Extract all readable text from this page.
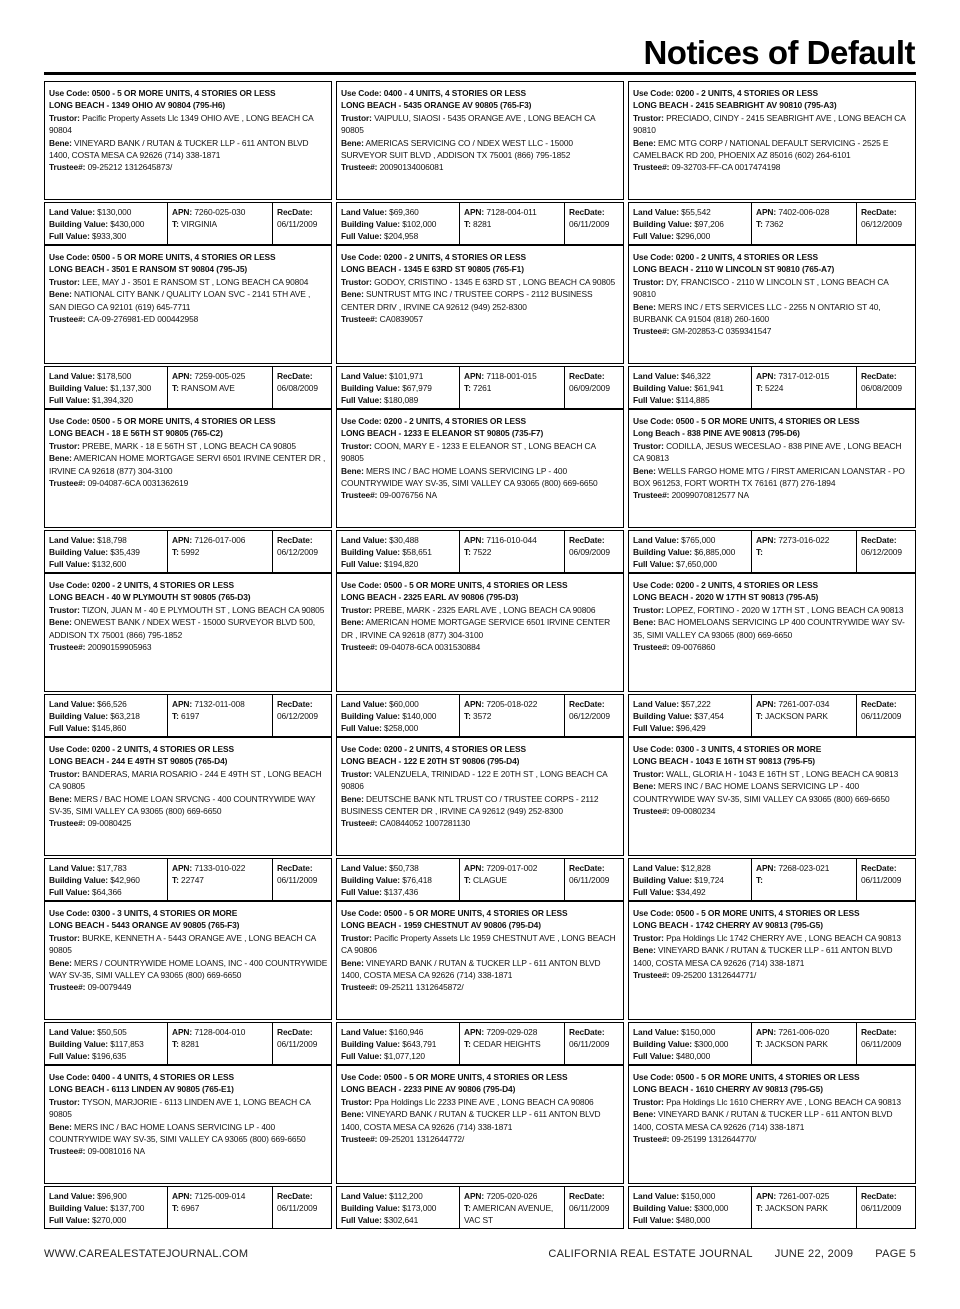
Notices of Default
Use Code: 0500 - 5 OR MORE UNITS, 4 STORIES OR LESS
LONG BEACH - 1349 OHIO AV 90804 (795-H6)
Trustor: Pacific Property Assets Llc 1349 OHIO AVE , LONG BEACH CA 90804
Bene: VINEYARD BANK / RUTAN & TUCKER LLP - 611 ANTON BLVD 1400, COSTA MESA CA 92626 (714) 338-1871
Trustee#: 09-25212 1312645873/
Land Value: $130,000
Building Value: $430,000
Full Value: $933,300
APN: 7260-025-030
T: VIRGINIA
RecDate:
06/11/2009
Use Code: 0400 - 4 UNITS, 4 STORIES OR LESS
LONG BEACH - 5435 ORANGE AV 90805 (765-F3)
Trustor: VAIPULU, SIAOSI - 5435 ORANGE AVE , LONG BEACH CA 90805
Bene: AMERICAS SERVICING CO / NDEX WEST LLC - 15000 SURVEYOR SUIT BLVD , ADDISON TX 75001 (866) 795-1852
Trustee#: 20090134006081
Land Value: $69,360
Building Value: $102,000
Full Value: $204,958
APN: 7128-004-011
T: 8281
RecDate:
06/11/2009
Use Code: 0200 - 2 UNITS, 4 STORIES OR LESS
LONG BEACH - 2415 SEABRIGHT AV 90810 (795-A3)
Trustor: PRECIADO, CINDY - 2415 SEABRIGHT AVE , LONG BEACH CA 90810
Bene: EMC MTG CORP / NATIONAL DEFAULT SERVICING - 2525 E CAMELBACK RD 200, PHOENIX AZ 85016 (602) 264-6101
Trustee#: 09-32703-FF-CA 0017474198
Land Value: $55,542
Building Value: $97,206
Full Value: $296,000
APN: 7402-006-028
T: 7362
RecDate:
06/12/2009
Use Code: 0500 - 5 OR MORE UNITS, 4 STORIES OR LESS
LONG BEACH - 3501 E RANSOM ST 90804 (795-J5)
Trustor: LEE, MAY J - 3501 E RANSOM ST , LONG BEACH CA 90804
Bene: NATIONAL CITY BANK / QUALITY LOAN SVC - 2141 5TH AVE , SAN DIEGO CA 92101 (619) 645-7711
Trustee#: CA-09-276981-ED 000442958
Land Value: $178,500
Building Value: $1,137,300
Full Value: $1,394,320
APN: 7259-005-025
T: RANSOM AVE
RecDate:
06/08/2009
Use Code: 0200 - 2 UNITS, 4 STORIES OR LESS
LONG BEACH - 1345 E 63RD ST 90805 (765-F1)
Trustor: GODOY, CRISTINO - 1345 E 63RD ST , LONG BEACH CA 90805
Bene: SUNTRUST MTG INC / TRUSTEE CORPS - 2112 BUSINESS CENTER DRIV , IRVINE CA 92612 (949) 252-8300
Trustee#: CA0839057
Land Value: $101,971
Building Value: $67,979
Full Value: $180,089
APN: 7118-001-015
T: 7261
RecDate:
06/09/2009
Use Code: 0200 - 2 UNITS, 4 STORIES OR LESS
LONG BEACH - 2110 W LINCOLN ST 90810 (765-A7)
Trustor: DY, FRANCISCO - 2110 W LINCOLN ST , LONG BEACH CA 90810
Bene: MERS INC / ETS SERVICES LLC - 2255 N ONTARIO ST 40, BURBANK CA 91504 (818) 260-1600
Trustee#: GM-202853-C 0359341547
Land Value: $46,322
Building Value: $61,941
Full Value: $114,885
APN: 7317-012-015
T: 5224
RecDate:
06/08/2009
Use Code: 0500 - 5 OR MORE UNITS, 4 STORIES OR LESS
LONG BEACH - 18 E 56TH ST 90805 (765-C2)
Trustor: PREBE, MARK - 18 E 56TH ST , LONG BEACH CA 90805
Bene: AMERICAN HOME MORTGAGE SERVI 6501 IRVINE CENTER DR , IRVINE CA 92618 (877) 304-3100
Trustee#: 09-04087-6CA 0031362619
Land Value: $18,798
Building Value: $35,439
Full Value: $132,600
APN: 7126-017-006
T: 5992
RecDate:
06/12/2009
Use Code: 0200 - 2 UNITS, 4 STORIES OR LESS
LONG BEACH - 1233 E ELEANOR ST 90805 (735-F7)
Trustor: COON, MARY E - 1233 E ELEANOR ST , LONG BEACH CA 90805
Bene: MERS INC / BAC HOME LOANS SERVICING LP - 400 COUNTRYWIDE WAY SV-35, SIMI VALLEY CA 93065 (800) 669-6650
Trustee#: 09-0076756 NA
Land Value: $30,488
Building Value: $58,651
Full Value: $194,820
APN: 7116-010-044
T: 7522
RecDate:
06/09/2009
Use Code: 0500 - 5 OR MORE UNITS, 4 STORIES OR LESS
Long Beach - 838 PINE AVE 90813 (795-D6)
Trustor: CODILLA, JESUS WECESLAO - 838 PINE AVE , LONG BEACH CA 90813
Bene: WELLS FARGO HOME MTG / FIRST AMERICAN LOANSTAR - PO BOX 961253, FORT WORTH TX 76161 (877) 276-1894
Trustee#: 20099070812577 NA
Land Value: $765,000
Building Value: $6,885,000
Full Value: $7,650,000
APN: 7273-016-022
T:
RecDate:
06/12/2009
Use Code: 0200 - 2 UNITS, 4 STORIES OR LESS
LONG BEACH - 40 W PLYMOUTH ST 90805 (765-D3)
Trustor: TIZON, JUAN M - 40 E PLYMOUTH ST , LONG BEACH CA 90805
Bene: ONEWEST BANK / NDEX WEST - 15000 SURVEYOR BLVD 500, ADDISON TX 75001 (866) 795-1852
Trustee#: 20090159905963
Land Value: $66,526
Building Value: $63,218
Full Value: $145,860
APN: 7132-011-008
T: 6197
RecDate:
06/12/2009
Use Code: 0500 - 5 OR MORE UNITS, 4 STORIES OR LESS
LONG BEACH - 2325 EARL AV 90806 (795-D3)
Trustor: PREBE, MARK - 2325 EARL AVE , LONG BEACH CA 90806
Bene: AMERICAN HOME MORTGAGE SERVICE 6501 IRVINE CENTER DR , IRVINE CA 92618 (877) 304-3100
Trustee#: 09-04078-6CA 0031530884
Land Value: $60,000
Building Value: $140,000
Full Value: $258,000
APN: 7205-018-022
T: 3572
RecDate:
06/12/2009
Use Code: 0200 - 2 UNITS, 4 STORIES OR LESS
LONG BEACH - 2020 W 17TH ST 90813 (795-A5)
Trustor: LOPEZ, FORTINO - 2020 W 17TH ST , LONG BEACH CA 90813
Bene: BAC HOMELOANS SERVICING LP 400 COUNTRYWIDE WAY SV-35, SIMI VALLEY CA 93065 (800) 669-6650
Trustee#: 09-0076860
Land Value: $57,222
Building Value: $37,454
Full Value: $96,429
APN: 7261-007-034
T: JACKSON PARK
RecDate:
06/11/2009
Use Code: 0200 - 2 UNITS, 4 STORIES OR LESS
LONG BEACH - 244 E 49TH ST 90805 (765-D4)
Trustor: BANDERAS, MARIA ROSARIO - 244 E 49TH ST , LONG BEACH CA 90805
Bene: MERS / BAC HOME LOAN SRVCNG - 400 COUNTRYWIDE WAY SV-35, SIMI VALLEY CA 93065 (800) 669-6650
Trustee#: 09-0080425
Land Value: $17,783
Building Value: $42,960
Full Value: $64,366
APN: 7133-010-022
T: 22747
RecDate:
06/11/2009
Use Code: 0200 - 2 UNITS, 4 STORIES OR LESS
LONG BEACH - 122 E 20TH ST 90806 (795-D4)
Trustor: VALENZUELA, TRINIDAD - 122 E 20TH ST , LONG BEACH CA 90806
Bene: DEUTSCHE BANK NTL TRUST CO / TRUSTEE CORPS - 2112 BUSINESS CENTER DR , IRVINE CA 92612 (949) 252-8300
Trustee#: CA0844052 1007281130
Land Value: $50,738
Building Value: $76,418
Full Value: $137,436
APN: 7209-017-002
T: CLAGUE
RecDate:
06/11/2009
Use Code: 0300 - 3 UNITS, 4 STORIES OR MORE
LONG BEACH - 1043 E 16TH ST 90813 (795-F5)
Trustor: WALL, GLORIA H - 1043 E 16TH ST , LONG BEACH CA 90813
Bene: MERS INC / BAC HOME LOANS SERVICING LP - 400 COUNTRYWIDE WAY SV-35, SIMI VALLEY CA 93065 (800) 669-6650
Trustee#: 09-0080234
Land Value: $12,828
Building Value: $19,724
Full Value: $34,492
APN: 7268-023-021
T:
RecDate:
06/11/2009
Use Code: 0300 - 3 UNITS, 4 STORIES OR MORE
LONG BEACH - 5443 ORANGE AV 90805 (765-F3)
Trustor: BURKE, KENNETH A - 5443 ORANGE AVE , LONG BEACH CA 90805
Bene: MERS / COUNTRYWIDE HOME LOANS, INC - 400 COUNTRYWIDE WAY SV-35, SIMI VALLEY CA 93065 (800) 669-6650
Trustee#: 09-0079449
Land Value: $50,505
Building Value: $117,853
Full Value: $196,635
APN: 7128-004-010
T: 8281
RecDate:
06/11/2009
Use Code: 0500 - 5 OR MORE UNITS, 4 STORIES OR LESS
LONG BEACH - 1959 CHESTNUT AV 90806 (795-D4)
Trustor: Pacific Property Assets Llc 1959 CHESTNUT AVE , LONG BEACH CA 90806
Bene: VINEYARD BANK / RUTAN & TUCKER LLP - 611 ANTON BLVD 1400, COSTA MESA CA 92626 (714) 338-1871
Trustee#: 09-25211 1312645872/
Land Value: $160,946
Building Value: $643,791
Full Value: $1,077,120
APN: 7209-029-028
T: CEDAR HEIGHTS
RecDate:
06/11/2009
Use Code: 0500 - 5 OR MORE UNITS, 4 STORIES OR LESS
LONG BEACH - 1742 CHERRY AV 90813 (795-G5)
Trustor: Ppa Holdings Llc 1742 CHERRY AVE , LONG BEACH CA 90813
Bene: VINEYARD BANK / RUTAN & TUCKER LLP - 611 ANTON BLVD 1400, COSTA MESA CA 92626 (714) 338-1871
Trustee#: 09-25200 1312644771/
Land Value: $150,000
Building Value: $300,000
Full Value: $480,000
APN: 7261-006-020
T: JACKSON PARK
RecDate:
06/11/2009
Use Code: 0400 - 4 UNITS, 4 STORIES OR LESS
LONG BEACH - 6113 LINDEN AV 90805 (765-E1)
Trustor: TYSON, MARJORIE - 6113 LINDEN AVE 1, LONG BEACH CA 90805
Bene: MERS INC / BAC HOME LOANS SERVICING LP - 400 COUNTRYWIDE WAY SV-35, SIMI VALLEY CA 93065 (800) 669-6650
Trustee#: 09-0081016 NA
Land Value: $96,900
Building Value: $137,700
Full Value: $270,000
APN: 7125-009-014
T: 6967
RecDate:
06/11/2009
Use Code: 0500 - 5 OR MORE UNITS, 4 STORIES OR LESS
LONG BEACH - 2233 PINE AV 90806 (795-D4)
Trustor: Ppa Holdings Llc 2233 PINE AVE , LONG BEACH CA 90806
Bene: VINEYARD BANK / RUTAN & TUCKER LLP - 611 ANTON BLVD 1400, COSTA MESA CA 92626 (714) 338-1871
Trustee#: 09-25201 1312644772/
Land Value: $112,200
Building Value: $173,000
Full Value: $302,641
APN: 7205-020-026
T: AMERICAN AVENUE, VAC ST
RecDate:
06/11/2009
Use Code: 0500 - 5 OR MORE UNITS, 4 STORIES OR LESS
LONG BEACH - 1610 CHERRY AV 90813 (795-G5)
Trustor: Ppa Holdings Llc 1610 CHERRY AVE , LONG BEACH CA 90813
Bene: VINEYARD BANK / RUTAN & TUCKER LLP - 611 ANTON BLVD 1400, COSTA MESA CA 92626 (714) 338-1871
Trustee#: 09-25199 1312644770/
Land Value: $150,000
Building Value: $300,000
Full Value: $480,000
APN: 7261-007-025
T: JACKSON PARK
RecDate:
06/11/2009
WWW.CAREALESTATEJOURNAL.COM	CALIFORNIA REAL ESTATE JOURNAL JUNE 22, 2009 PAGE 5
